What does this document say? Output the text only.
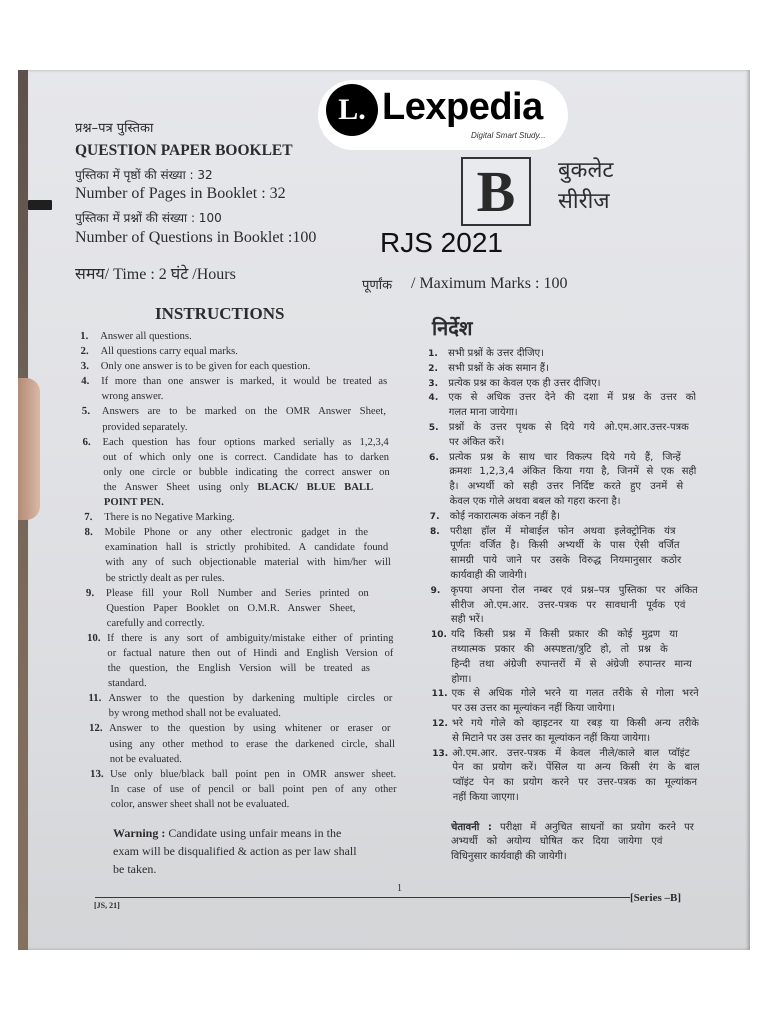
L. Lexpedia
Digital Smart Study...
प्रश्न–पत्र पुस्तिका
QUESTION PAPER BOOKLET
पुस्तिका में पृष्ठों की संख्या : 32
Number of Pages in Booklet : 32
पुस्तिका में प्रश्नों की संख्या : 100
Number of Questions in Booklet :100
समय/ Time : 2 घंटे /Hours
B	बुकलेट
सीरीज
RJS 2021
पूर्णांक / Maximum Marks : 100
INSTRUCTIONS
निर्देश
1.	Answer all questions.
2.	All questions carry equal marks.
3.	Only one answer is to be given for each question.
4.	If more than one answer is marked, it would be treated as
wrong answer.
5.	Answers are to be marked on the OMR Answer Sheet,
provided separately.
6.	Each question has four options marked serially as 1,2,3,4
out of which only one is correct. Candidate has to darken
only one circle or bubble indicating the correct answer on
the Answer Sheet using only BLACK/ BLUE BALL
POINT PEN.
7.	There is no Negative Marking.
8.	Mobile Phone or any other electronic gadget in the
examination hall is strictly prohibited. A candidate found
with any of such objectionable material with him/her will
be strictly dealt as per rules.
9.	Please fill your Roll Number and Series printed on
Question Paper Booklet on O.M.R. Answer Sheet,
carefully and correctly.
10. If there is any sort of ambiguity/mistake either of printing
or factual nature then out of Hindi and English Version of
the question, the English Version will be treated as
standard.
11. Answer to the question by darkening multiple circles or
by wrong method shall not be evaluated.
12. Answer to the question by using whitener or eraser or
using any other method to erase the darkened circle, shall
not be evaluated.
13. Use only blue/black ball point pen in OMR answer sheet.
In case of use of pencil or ball point pen of any other
color, answer sheet shall not be evaluated.
1.	सभी प्रश्नों के उत्तर दीजिए।
2.	सभी प्रश्नों के अंक समान हैं।
3.	प्रत्येक प्रश्न का केवल एक ही उत्तर दीजिए।
4.	एक से अधिक उत्तर देने की दशा में प्रश्न के उत्तर को
गलत माना जायेगा।
5.	प्रश्नों के उत्तर पृथक से दिये गये ओ.एम.आर.उत्तर-पत्रक
पर अंकित करें।
6.	प्रत्येक प्रश्न के साथ चार विकल्प दिये गये हैं, जिन्हें
क्रमशः 1,2,3,4 अंकित किया गया है, जिनमें से एक सही
है। अभ्यर्थी को सही उत्तर निर्दिष्ट करते हुए उनमें से
केवल एक गोले अथवा बबल को गहरा करना है।
7.	कोई नकारात्मक अंकन नहीं है।
8.	परीक्षा हॉल में मोबाईल फोन अथवा इलेक्ट्रोनिक यंत्र
पूर्णतः वर्जित है। किसी अभ्यर्थी के पास ऐसी वर्जित
सामग्री पाये जाने पर उसके विरुद्ध नियमानुसार कठोर
कार्यवाही की जावेगी।
9.	कृपया अपना रोल नम्बर एवं प्रश्न–पत्र पुस्तिका पर अंकित
सीरीज ओ.एम.आर. उत्तर-पत्रक पर सावधानी पूर्वक एवं
सही भरें।
10. यदि किसी प्रश्न में किसी प्रकार की कोई मुद्रण या
तथ्यात्मक प्रकार की अस्पष्टता/त्रुटि हो, तो प्रश्न के
हिन्दी तथा अंग्रेजी रुपान्तरों में से अंग्रेजी रुपान्तर मान्य
होगा।
11. एक से अधिक गोले भरने या गलत तरीके से गोला भरने
पर उस उत्तर का मूल्यांकन नहीं किया जायेगा।
12. भरे गये गोले को व्हाइटनर या रबड़ या किसी अन्य तरीके
से मिटाने पर उस उत्तर का मूल्यांकन नहीं किया जायेगा।
13. ओ.एम.आर. उत्तर-पत्रक में केवल नीले/काले बाल प्वॉइंट
पेन का प्रयोग करें। पेंसिल या अन्य किसी रंग के बाल
प्वॉइंट पेन का प्रयोग करने पर उत्तर-पत्रक का मूल्यांकन
नहीं किया जाएगा।
Warning : Candidate using unfair means in the
exam will be disqualified & action as per law shall
be taken.
चेतावनी : परीक्षा में अनुचित साधनों का प्रयोग करने पर
अभ्यर्थी को अयोग्य घोषित कर दिया जायेगा एवं
विधिनुसार कार्यवाही की जायेगी।
1
[JS, 21]
[Series –B]
